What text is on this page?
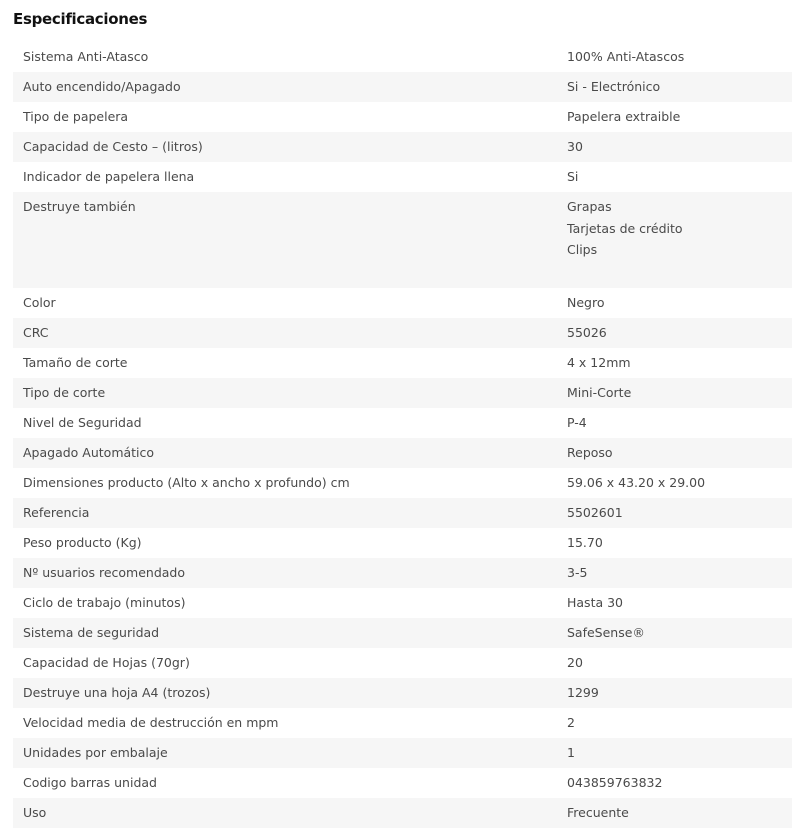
Especificaciones
Sistema Anti-Atasco	100% Anti-Atascos

Auto encendido/Apagado	Si - Electrónico

Tipo de papelera	Papelera extraible

Capacidad de Cesto – (litros)	30

Indicador de papelera llena	Si

Destruye también	Grapas
Tarjetas de crédito
Clips

Color	Negro

CRC	55026

Tamaño de corte	4 x 12mm

Tipo de corte	Mini-Corte

Nivel de Seguridad	P-4

Apagado Automático	Reposo

Dimensiones producto (Alto x ancho x profundo) cm	59.06 x 43.20 x 29.00

Referencia	5502601

Peso producto (Kg)	15.70

Nº usuarios recomendado	3-5

Ciclo de trabajo (minutos)	Hasta 30

Sistema de seguridad	SafeSense®

Capacidad de Hojas (70gr)	20

Destruye una hoja A4 (trozos)	1299

Velocidad media de destrucción en mpm	2

Unidades por embalaje	1

Codigo barras unidad	043859763832

Uso	Frecuente
